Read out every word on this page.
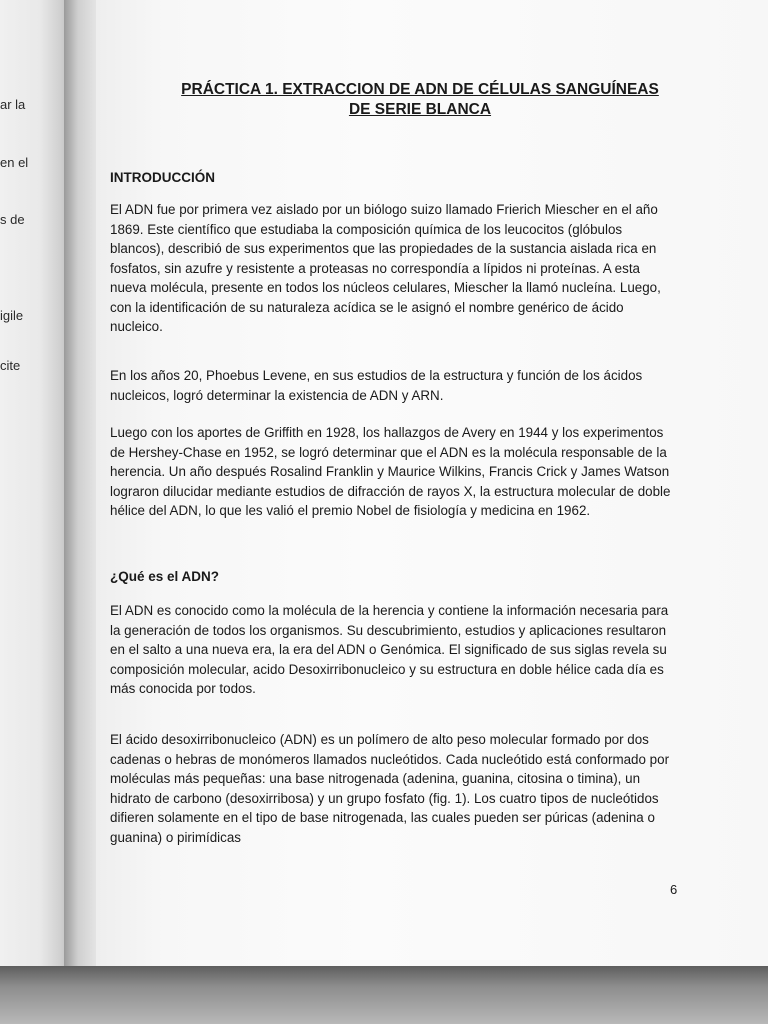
ar la
en el
s de
igile
cite
PRÁCTICA 1. EXTRACCION DE ADN DE CÉLULAS SANGUÍNEAS
DE SERIE BLANCA
INTRODUCCIÓN
El ADN fue por primera vez aislado por un biólogo suizo llamado Frierich Miescher en el año 1869. Este científico que estudiaba la composición química de los leucocitos (glóbulos blancos), describió de sus experimentos que las propiedades de la sustancia aislada rica en fosfatos, sin azufre y resistente a proteasas no correspondía a lípidos ni proteínas. A esta nueva molécula, presente en todos los núcleos celulares, Miescher la llamó nucleína. Luego, con la identificación de su naturaleza acídica se le asignó el nombre genérico de ácido nucleico.
En los años 20, Phoebus Levene, en sus estudios de la estructura y función de los ácidos nucleicos, logró determinar la existencia de ADN y ARN.
Luego con los aportes de Griffith en 1928, los hallazgos de Avery en 1944 y los experimentos de Hershey-Chase en 1952, se logró determinar que el ADN es la molécula responsable de la herencia. Un año después Rosalind Franklin y Maurice Wilkins, Francis Crick y James Watson lograron dilucidar mediante estudios de difracción de rayos X, la estructura molecular de doble hélice del ADN, lo que les valió el premio Nobel de fisiología y medicina en 1962.
¿Qué es el ADN?
El ADN es conocido como la molécula de la herencia y contiene la información necesaria para la generación de todos los organismos. Su descubrimiento, estudios y aplicaciones resultaron en el salto a una nueva era, la era del ADN o Genómica. El significado de sus siglas revela su composición molecular, acido Desoxirribonucleico y su estructura en doble hélice cada día es más conocida por todos.
El ácido desoxirribonucleico (ADN) es un polímero de alto peso molecular formado por dos cadenas o hebras de monómeros llamados nucleótidos. Cada nucleótido está conformado por moléculas más pequeñas: una base nitrogenada (adenina, guanina, citosina o timina), un hidrato de carbono (desoxirribosa) y un grupo fosfato (fig. 1). Los cuatro tipos de nucleótidos difieren solamente en el tipo de base nitrogenada, las cuales pueden ser púricas (adenina o guanina) o pirimídicas
6
